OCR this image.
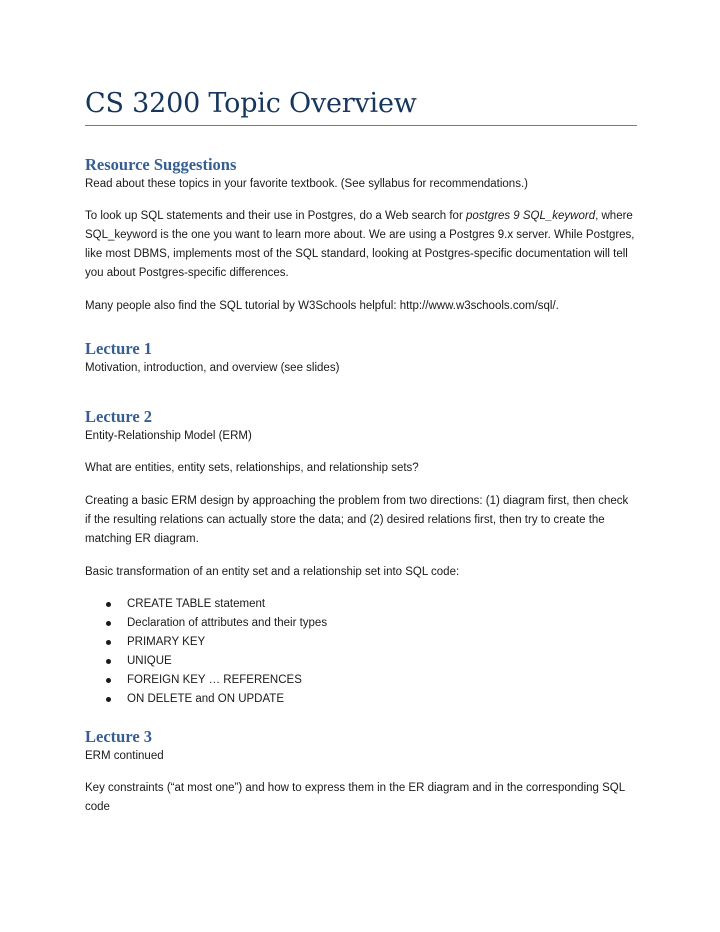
CS 3200 Topic Overview
Resource Suggestions

Read about these topics in your favorite textbook. (See syllabus for recommendations.)

To look up SQL statements and their use in Postgres, do a Web search for postgres 9 SQL_keyword, where SQL_keyword is the one you want to learn more about. We are using a Postgres 9.x server. While Postgres, like most DBMS, implements most of the SQL standard, looking at Postgres-specific documentation will tell you about Postgres-specific differences.

Many people also find the SQL tutorial by W3Schools helpful: http://www.w3schools.com/sql/.

Lecture 1

Motivation, introduction, and overview (see slides)

Lecture 2

Entity-Relationship Model (ERM)

What are entities, entity sets, relationships, and relationship sets?

Creating a basic ERM design by approaching the problem from two directions: (1) diagram first, then check if the resulting relations can actually store the data; and (2) desired relations first, then try to create the matching ER diagram.

Basic transformation of an entity set and a relationship set into SQL code:

CREATE TABLE statement
Declaration of attributes and their types
PRIMARY KEY
UNIQUE
FOREIGN KEY … REFERENCES
ON DELETE and ON UPDATE
Lecture 3

ERM continued

Key constraints (“at most one”) and how to express them in the ER diagram and in the corresponding SQL code
